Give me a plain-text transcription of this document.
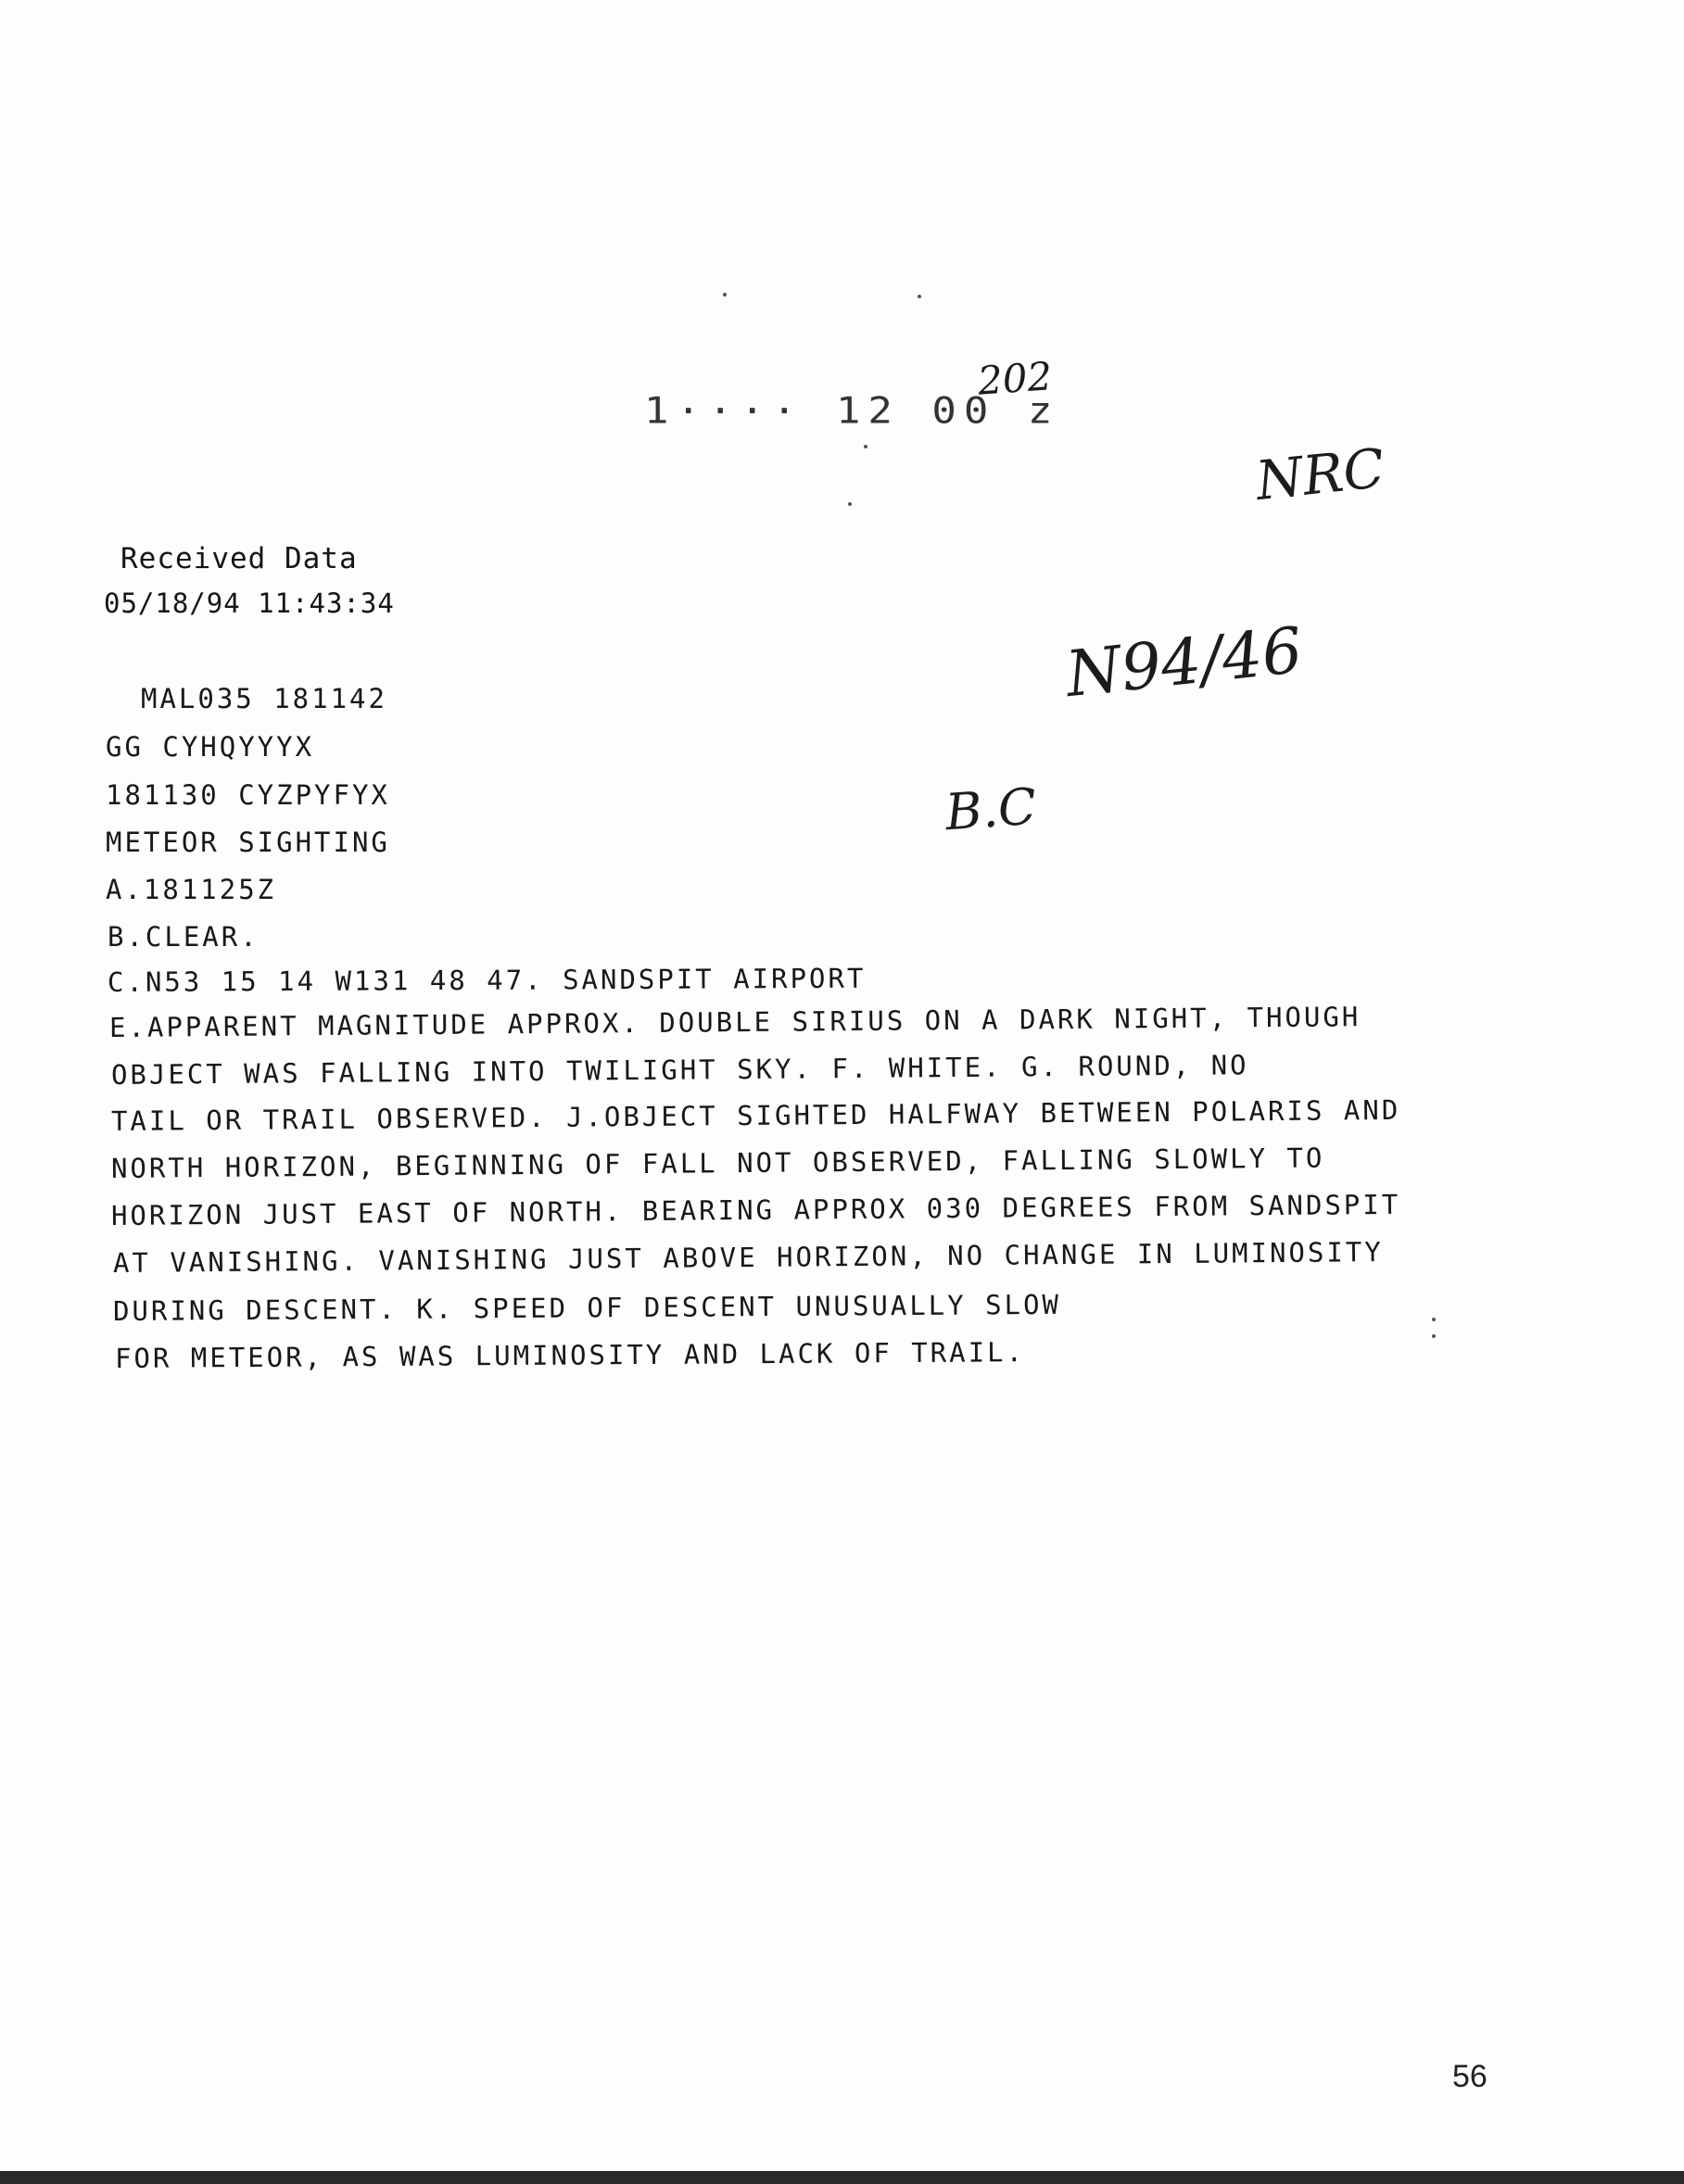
1···· 12 00 z
202
NRC
N94/46
B.C
Received Data
05/18/94 11:43:34
MAL035 181142
GG CYHQYYYX
181130 CYZPYFYX
METEOR SIGHTING
A.181125Z
B.CLEAR.
C.N53 15 14 W131 48 47. SANDSPIT AIRPORT
E.APPARENT MAGNITUDE APPROX. DOUBLE SIRIUS ON A DARK NIGHT, THOUGH
OBJECT WAS FALLING INTO TWILIGHT SKY. F. WHITE. G. ROUND, NO
TAIL OR TRAIL OBSERVED. J.OBJECT SIGHTED HALFWAY BETWEEN POLARIS AND
NORTH HORIZON, BEGINNING OF FALL NOT OBSERVED, FALLING SLOWLY TO
HORIZON JUST EAST OF NORTH. BEARING APPROX 030 DEGREES FROM SANDSPIT
AT VANISHING. VANISHING JUST ABOVE HORIZON, NO CHANGE IN LUMINOSITY
DURING DESCENT. K. SPEED OF DESCENT UNUSUALLY SLOW
FOR METEOR, AS WAS LUMINOSITY AND LACK OF TRAIL.
56
